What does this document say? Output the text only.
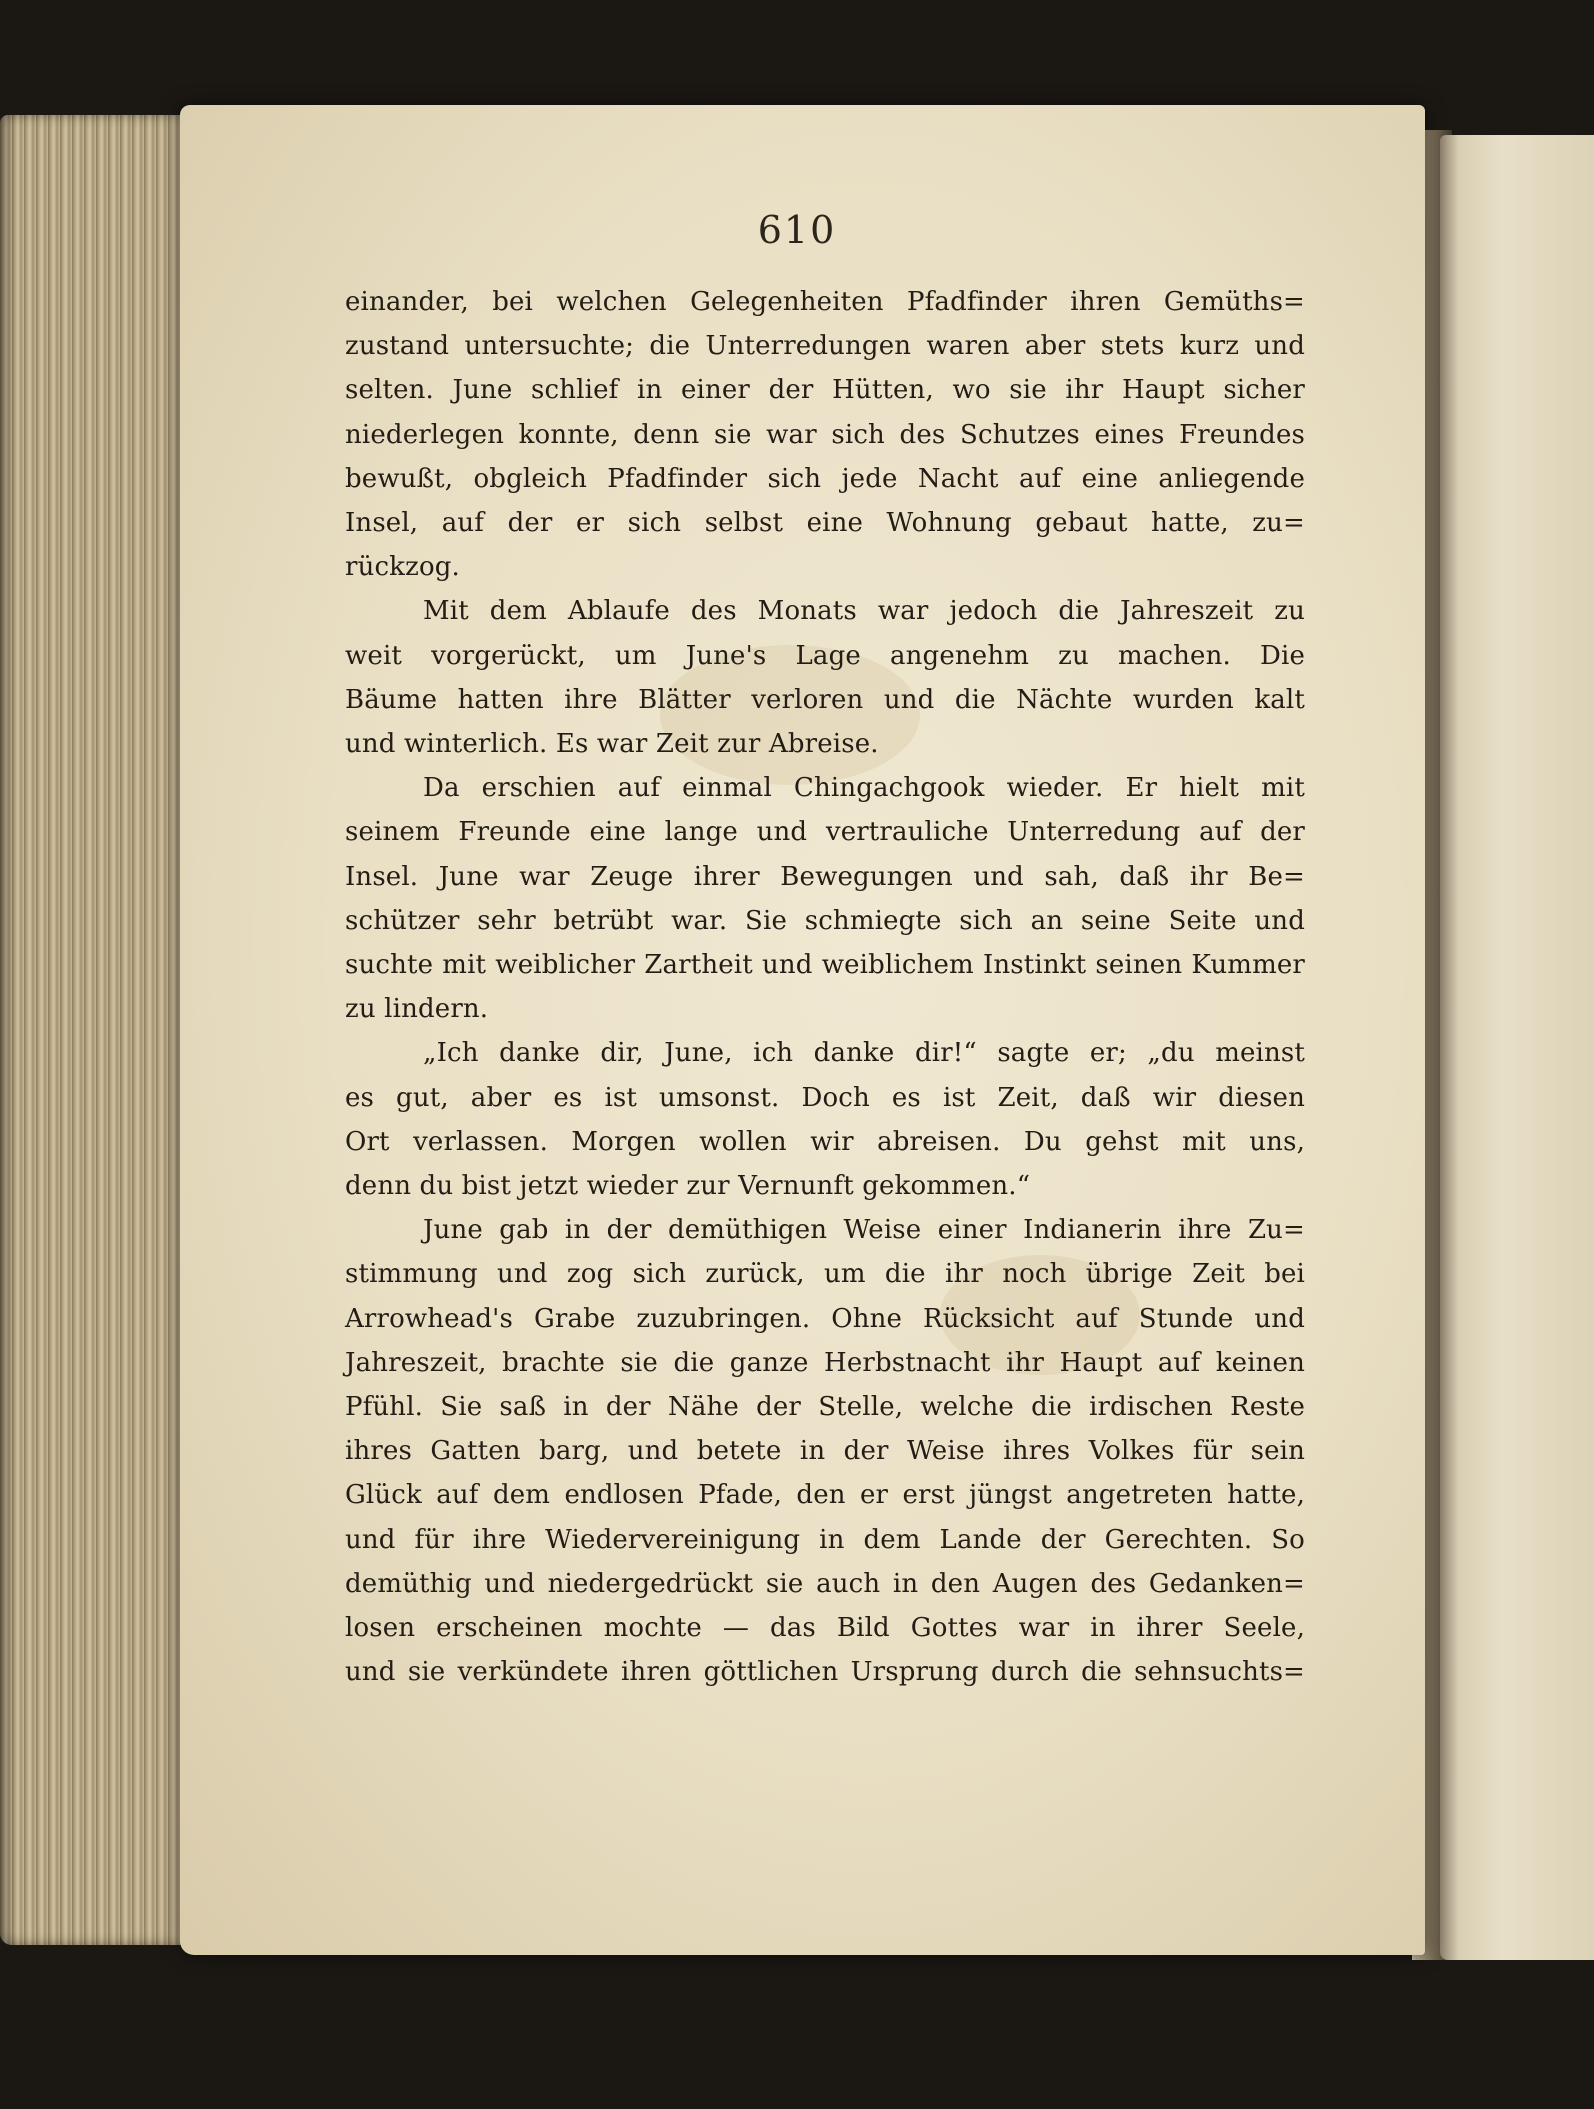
610
einander, bei welchen Gelegenheiten Pfadfinder ihren Gemüths=
zustand untersuchte; die Unterredungen waren aber stets kurz und
selten. June schlief in einer der Hütten, wo sie ihr Haupt sicher
niederlegen konnte, denn sie war sich des Schutzes eines Freundes
bewußt, obgleich Pfadfinder sich jede Nacht auf eine anliegende
Insel, auf der er sich selbst eine Wohnung gebaut hatte, zu=
rückzog.
Mit dem Ablaufe des Monats war jedoch die Jahreszeit zu
weit vorgerückt, um June's Lage angenehm zu machen. Die
Bäume hatten ihre Blätter verloren und die Nächte wurden kalt
und winterlich. Es war Zeit zur Abreise.
Da erschien auf einmal Chingachgook wieder. Er hielt mit
seinem Freunde eine lange und vertrauliche Unterredung auf der
Insel. June war Zeuge ihrer Bewegungen und sah, daß ihr Be=
schützer sehr betrübt war. Sie schmiegte sich an seine Seite und
suchte mit weiblicher Zartheit und weiblichem Instinkt seinen Kummer
zu lindern.
„Ich danke dir, June, ich danke dir!“ sagte er; „du meinst
es gut, aber es ist umsonst. Doch es ist Zeit, daß wir diesen
Ort verlassen. Morgen wollen wir abreisen. Du gehst mit uns,
denn du bist jetzt wieder zur Vernunft gekommen.“
June gab in der demüthigen Weise einer Indianerin ihre Zu=
stimmung und zog sich zurück, um die ihr noch übrige Zeit bei
Arrowhead's Grabe zuzubringen. Ohne Rücksicht auf Stunde und
Jahreszeit, brachte sie die ganze Herbstnacht ihr Haupt auf keinen
Pfühl. Sie saß in der Nähe der Stelle, welche die irdischen Reste
ihres Gatten barg, und betete in der Weise ihres Volkes für sein
Glück auf dem endlosen Pfade, den er erst jüngst angetreten hatte,
und für ihre Wiedervereinigung in dem Lande der Gerechten. So
demüthig und niedergedrückt sie auch in den Augen des Gedanken=
losen erscheinen mochte — das Bild Gottes war in ihrer Seele,
und sie verkündete ihren göttlichen Ursprung durch die sehnsuchts=
